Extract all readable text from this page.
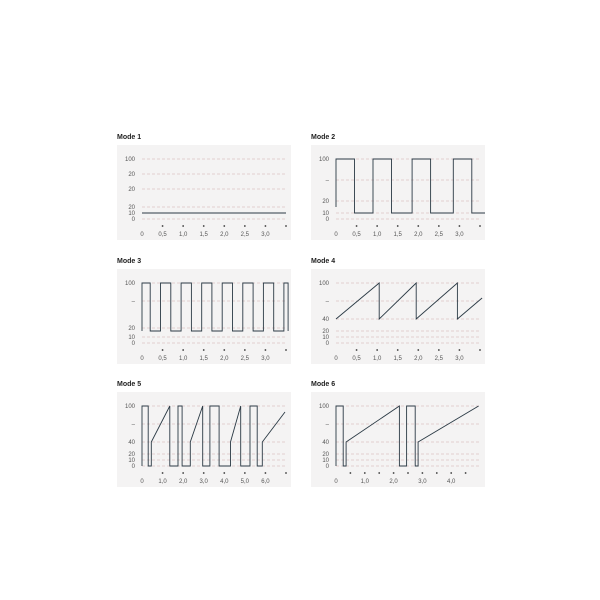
Mode 1
0
10
20
20
20
100
0 0,5 1,0 1,5 2,0 2,5 3,0
Mode 2
0
10
20
–
100
0 0,5 1,0 1,5 2,0 2,5 3,0
Mode 3
0
10
20
–
100
0 0,5 1,0 1,5 2,0 2,5 3,0
Mode 4
0
10
20
40
–
100
0 0,5 1,0 1,5 2,0 2,5 3,0
Mode 5
0
10
20
40
–
100
0 1,0 2,0 3,0 4,0 5,0 6,0
Mode 6
0
10
20
40
–
100
0	1,0	2,0	3,0	4,0
